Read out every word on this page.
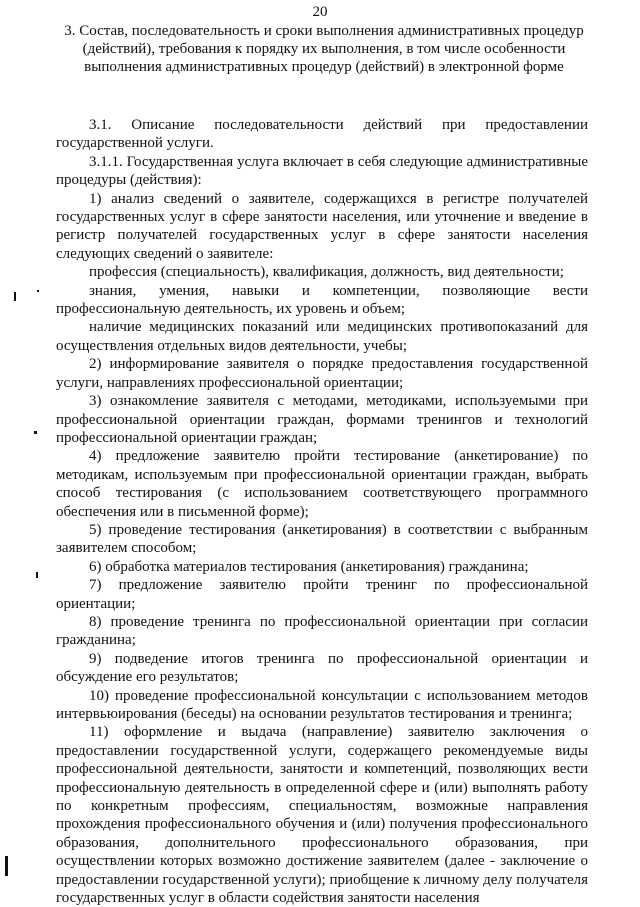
20
3. Состав, последовательность и сроки выполнения административных процедур (действий), требования к порядку их выполнения, в том числе особенности выполнения административных процедур (действий) в электронной форме

3.1. Описание последовательности действий при предоставлении государственной услуги.

3.1.1. Государственная услуга включает в себя следующие административные процедуры (действия):

1) анализ сведений о заявителе, содержащихся в регистре получателей государственных услуг в сфере занятости населения, или уточнение и введение в регистр получателей государственных услуг в сфере занятости населения следующих сведений о заявителе:

профессия (специальность), квалификация, должность, вид деятельности;

знания, умения, навыки и компетенции, позволяющие вести профессиональную деятельность, их уровень и объем;

наличие медицинских показаний или медицинских противопоказаний для осуществления отдельных видов деятельности, учебы;

2) информирование заявителя о порядке предоставления государственной услуги, направлениях профессиональной ориентации;

3) ознакомление заявителя с методами, методиками, используемыми при профессиональной ориентации граждан, формами тренингов и технологий профессиональной ориентации граждан;

4) предложение заявителю пройти тестирование (анкетирование) по методикам, используемым при профессиональной ориентации граждан, выбрать способ тестирования (с использованием соответствующего программного обеспечения или в письменной форме);

5) проведение тестирования (анкетирования) в соответствии с выбранным заявителем способом;

6) обработка материалов тестирования (анкетирования) гражданина;

7) предложение заявителю пройти тренинг по профессиональной ориентации;

8) проведение тренинга по профессиональной ориентации при согласии гражданина;

9) подведение итогов тренинга по профессиональной ориентации и обсуждение его результатов;

10) проведение профессиональной консультации с использованием методов интервьюирования (беседы) на основании результатов тестирования и тренинга;

11) оформление и выдача (направление) заявителю заключения о предоставлении государственной услуги, содержащего рекомендуемые виды профессиональной деятельности, занятости и компетенций, позволяющих вести профессиональную деятельность в определенной сфере и (или) выполнять работу по конкретным профессиям, специальностям, возможные направления прохождения профессионального обучения и (или) получения профессионального образования, дополнительного профессионального образования, при осуществлении которых возможно достижение заявителем (далее - заключение о предоставлении государственной услуги); приобщение к личному делу получателя государственных услуг в области содействия занятости населения
